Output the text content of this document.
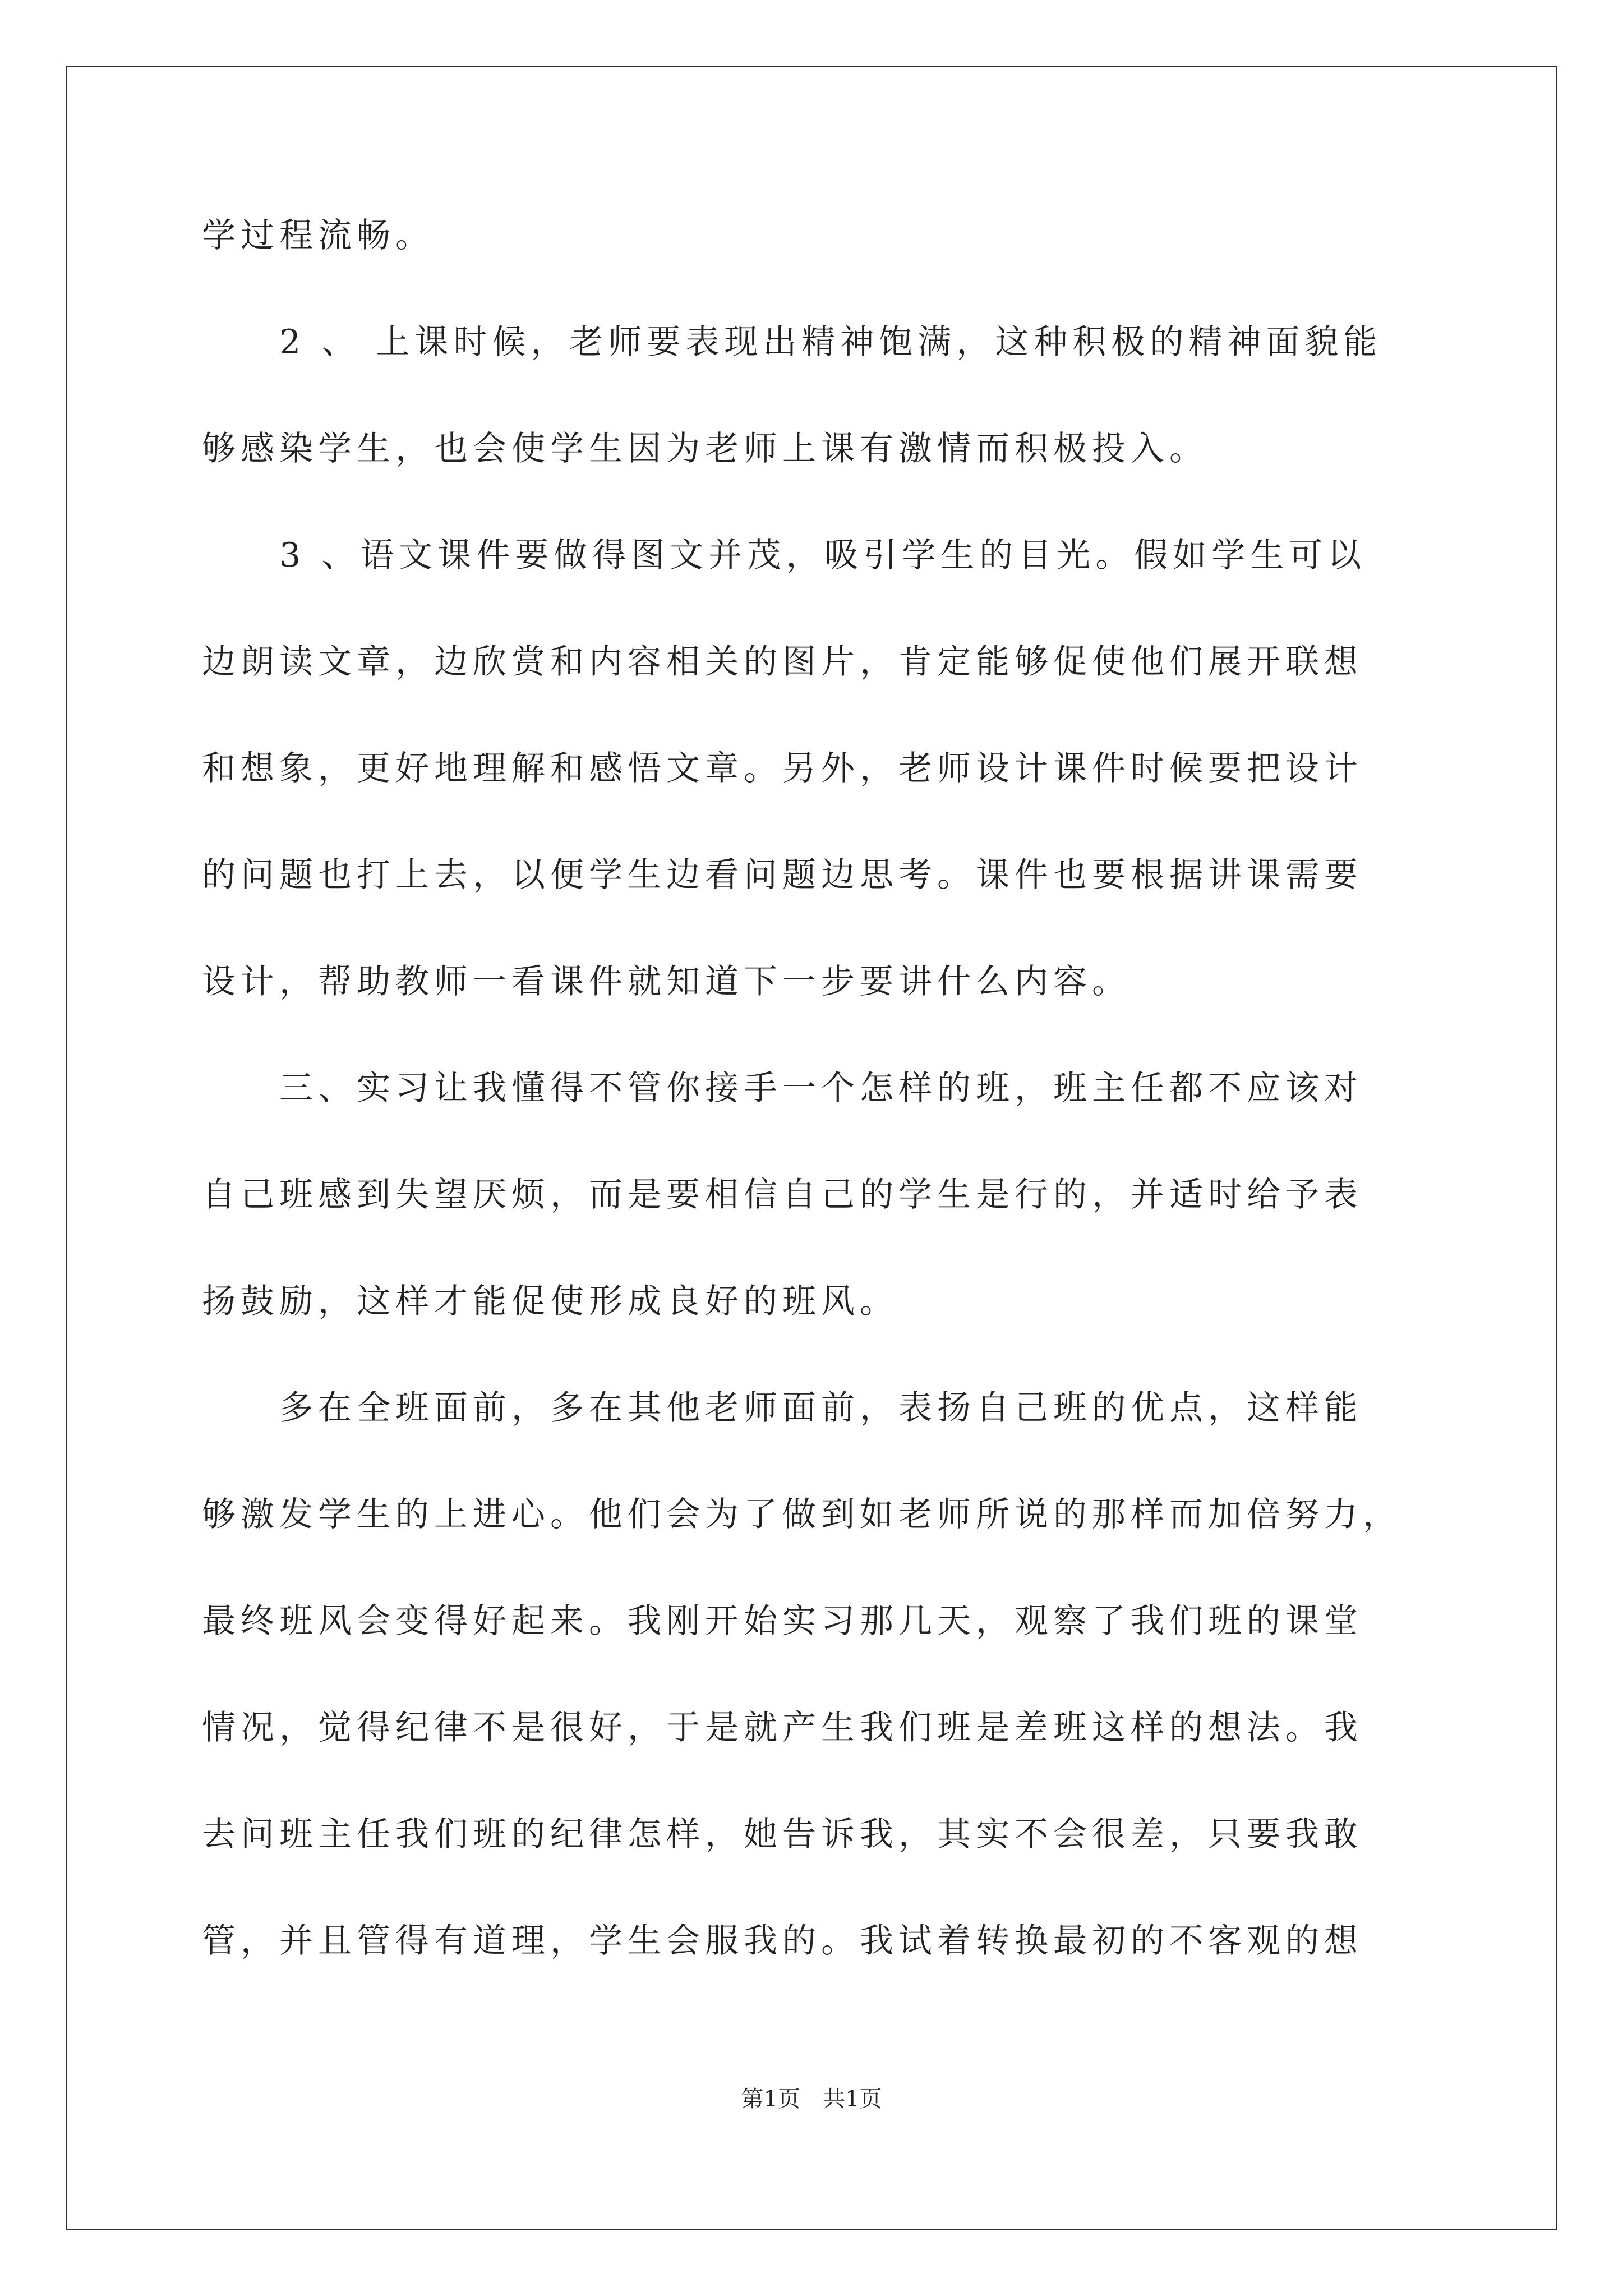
学过程流畅。
　　2 、 上课时候，老师要表现出精神饱满，这种积极的精神面貌能
够感染学生，也会使学生因为老师上课有激情而积极投入。
　　3 、语文课件要做得图文并茂，吸引学生的目光。假如学生可以
边朗读文章，边欣赏和内容相关的图片，肯定能够促使他们展开联想
和想象，更好地理解和感悟文章。另外，老师设计课件时候要把设计
的问题也打上去，以便学生边看问题边思考。课件也要根据讲课需要
设计，帮助教师一看课件就知道下一步要讲什么内容。
　　三、实习让我懂得不管你接手一个怎样的班，班主任都不应该对
自己班感到失望厌烦，而是要相信自己的学生是行的，并适时给予表
扬鼓励，这样才能促使形成良好的班风。
　　多在全班面前，多在其他老师面前，表扬自己班的优点，这样能
够激发学生的上进心。他们会为了做到如老师所说的那样而加倍努力，
最终班风会变得好起来。我刚开始实习那几天，观察了我们班的课堂
情况，觉得纪律不是很好，于是就产生我们班是差班这样的想法。我
去问班主任我们班的纪律怎样，她告诉我，其实不会很差，只要我敢
管，并且管得有道理，学生会服我的。我试着转换最初的不客观的想
第1页 共1页
